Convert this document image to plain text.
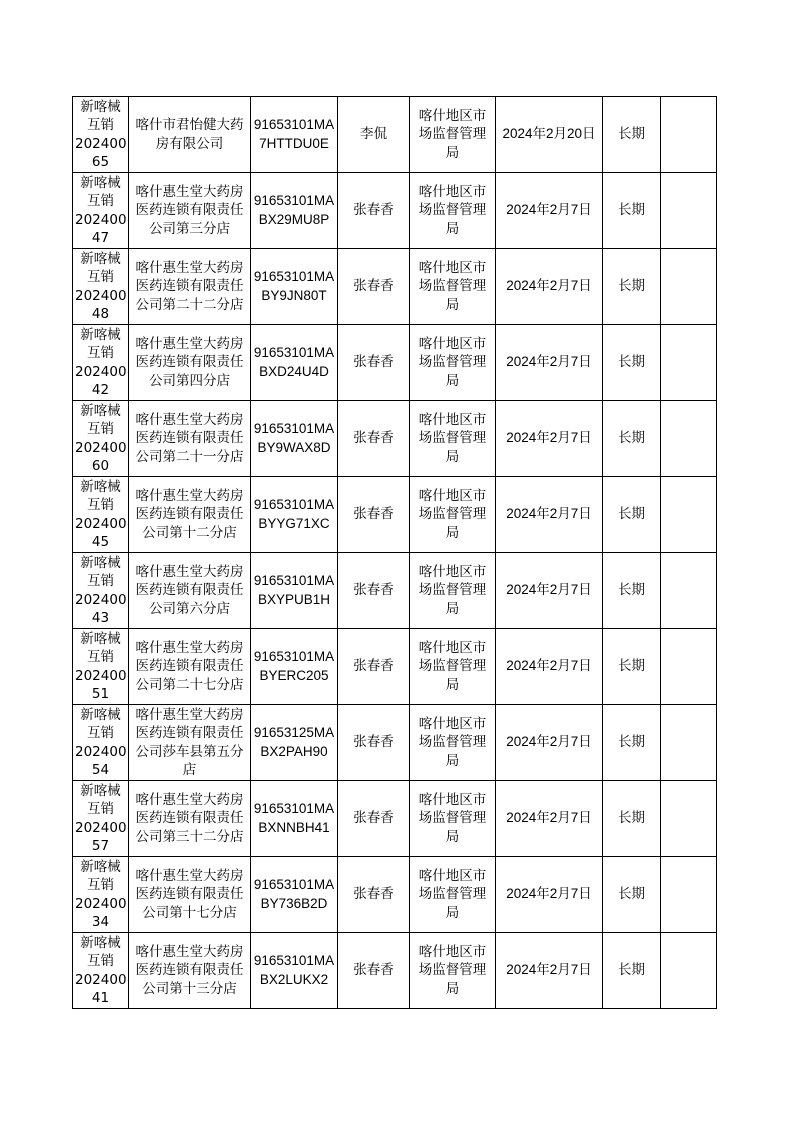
新喀械
互销
202400
65	喀什市君怡健大药
房有限公司	91653101MA
7HTTDU0E	李侃	喀什地区市
场监督管理
局	2024年2月20日	长期	

新喀械
互销
202400
47	喀什惠生堂大药房
医药连锁有限责任
公司第三分店	91653101MA
BX29MU8P	张春香	喀什地区市
场监督管理
局	2024年2月7日	长期	

新喀械
互销
202400
48	喀什惠生堂大药房
医药连锁有限责任
公司第二十二分店	91653101MA
BY9JN80T	张春香	喀什地区市
场监督管理
局	2024年2月7日	长期	

新喀械
互销
202400
42	喀什惠生堂大药房
医药连锁有限责任
公司第四分店	91653101MA
BXD24U4D	张春香	喀什地区市
场监督管理
局	2024年2月7日	长期	

新喀械
互销
202400
60	喀什惠生堂大药房
医药连锁有限责任
公司第二十一分店	91653101MA
BY9WAX8D	张春香	喀什地区市
场监督管理
局	2024年2月7日	长期	

新喀械
互销
202400
45	喀什惠生堂大药房
医药连锁有限责任
公司第十二分店	91653101MA
BYYG71XC	张春香	喀什地区市
场监督管理
局	2024年2月7日	长期	

新喀械
互销
202400
43	喀什惠生堂大药房
医药连锁有限责任
公司第六分店	91653101MA
BXYPUB1H	张春香	喀什地区市
场监督管理
局	2024年2月7日	长期	

新喀械
互销
202400
51	喀什惠生堂大药房
医药连锁有限责任
公司第二十七分店	91653101MA
BYERC205	张春香	喀什地区市
场监督管理
局	2024年2月7日	长期	

新喀械
互销
202400
54	喀什惠生堂大药房
医药连锁有限责任
公司莎车县第五分
店	91653125MA
BX2PAH90	张春香	喀什地区市
场监督管理
局	2024年2月7日	长期	

新喀械
互销
202400
57	喀什惠生堂大药房
医药连锁有限责任
公司第三十二分店	91653101MA
BXNNBH41	张春香	喀什地区市
场监督管理
局	2024年2月7日	长期	

新喀械
互销
202400
34	喀什惠生堂大药房
医药连锁有限责任
公司第十七分店	91653101MA
BY736B2D	张春香	喀什地区市
场监督管理
局	2024年2月7日	长期	

新喀械
互销
202400
41	喀什惠生堂大药房
医药连锁有限责任
公司第十三分店	91653101MA
BX2LUKX2	张春香	喀什地区市
场监督管理
局	2024年2月7日	长期	
